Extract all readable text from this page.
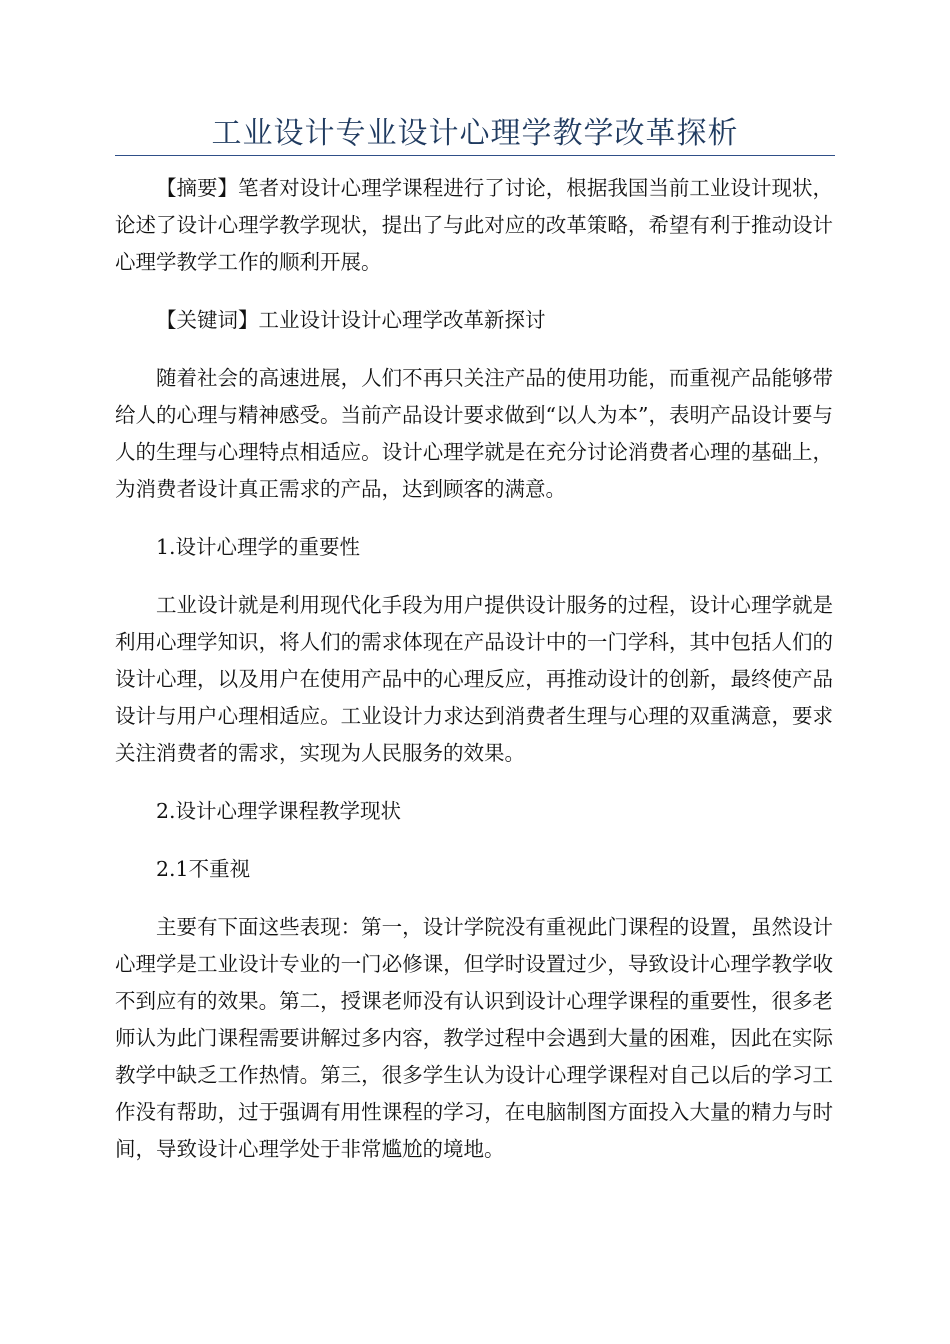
工业设计专业设计心理学教学改革探析

【摘要】笔者对设计心理学课程进行了讨论，根据我国当前工业设计现状，论述了设计心理学教学现状，提出了与此对应的改革策略，希望有利于推动设计心理学教学工作的顺利开展。

【关键词】工业设计设计心理学改革新探讨

随着社会的高速进展，人们不再只关注产品的使用功能，而重视产品能够带给人的心理与精神感受。当前产品设计要求做到“以人为本”，表明产品设计要与人的生理与心理特点相适应。设计心理学就是在充分讨论消费者心理的基础上，为消费者设计真正需求的产品，达到顾客的满意。

1.设计心理学的重要性

工业设计就是利用现代化手段为用户提供设计服务的过程，设计心理学就是利用心理学知识，将人们的需求体现在产品设计中的一门学科，其中包括人们的设计心理，以及用户在使用产品中的心理反应，再推动设计的创新，最终使产品设计与用户心理相适应。工业设计力求达到消费者生理与心理的双重满意，要求关注消费者的需求，实现为人民服务的效果。

2.设计心理学课程教学现状

2.1不重视

主要有下面这些表现：第一，设计学院没有重视此门课程的设置，虽然设计心理学是工业设计专业的一门必修课，但学时设置过少，导致设计心理学教学收不到应有的效果。第二，授课老师没有认识到设计心理学课程的重要性，很多老师认为此门课程需要讲解过多内容，教学过程中会遇到大量的困难，因此在实际教学中缺乏工作热情。第三，很多学生认为设计心理学课程对自己以后的学习工作没有帮助，过于强调有用性课程的学习，在电脑制图方面投入大量的精力与时间，导致设计心理学处于非常尴尬的境地。
